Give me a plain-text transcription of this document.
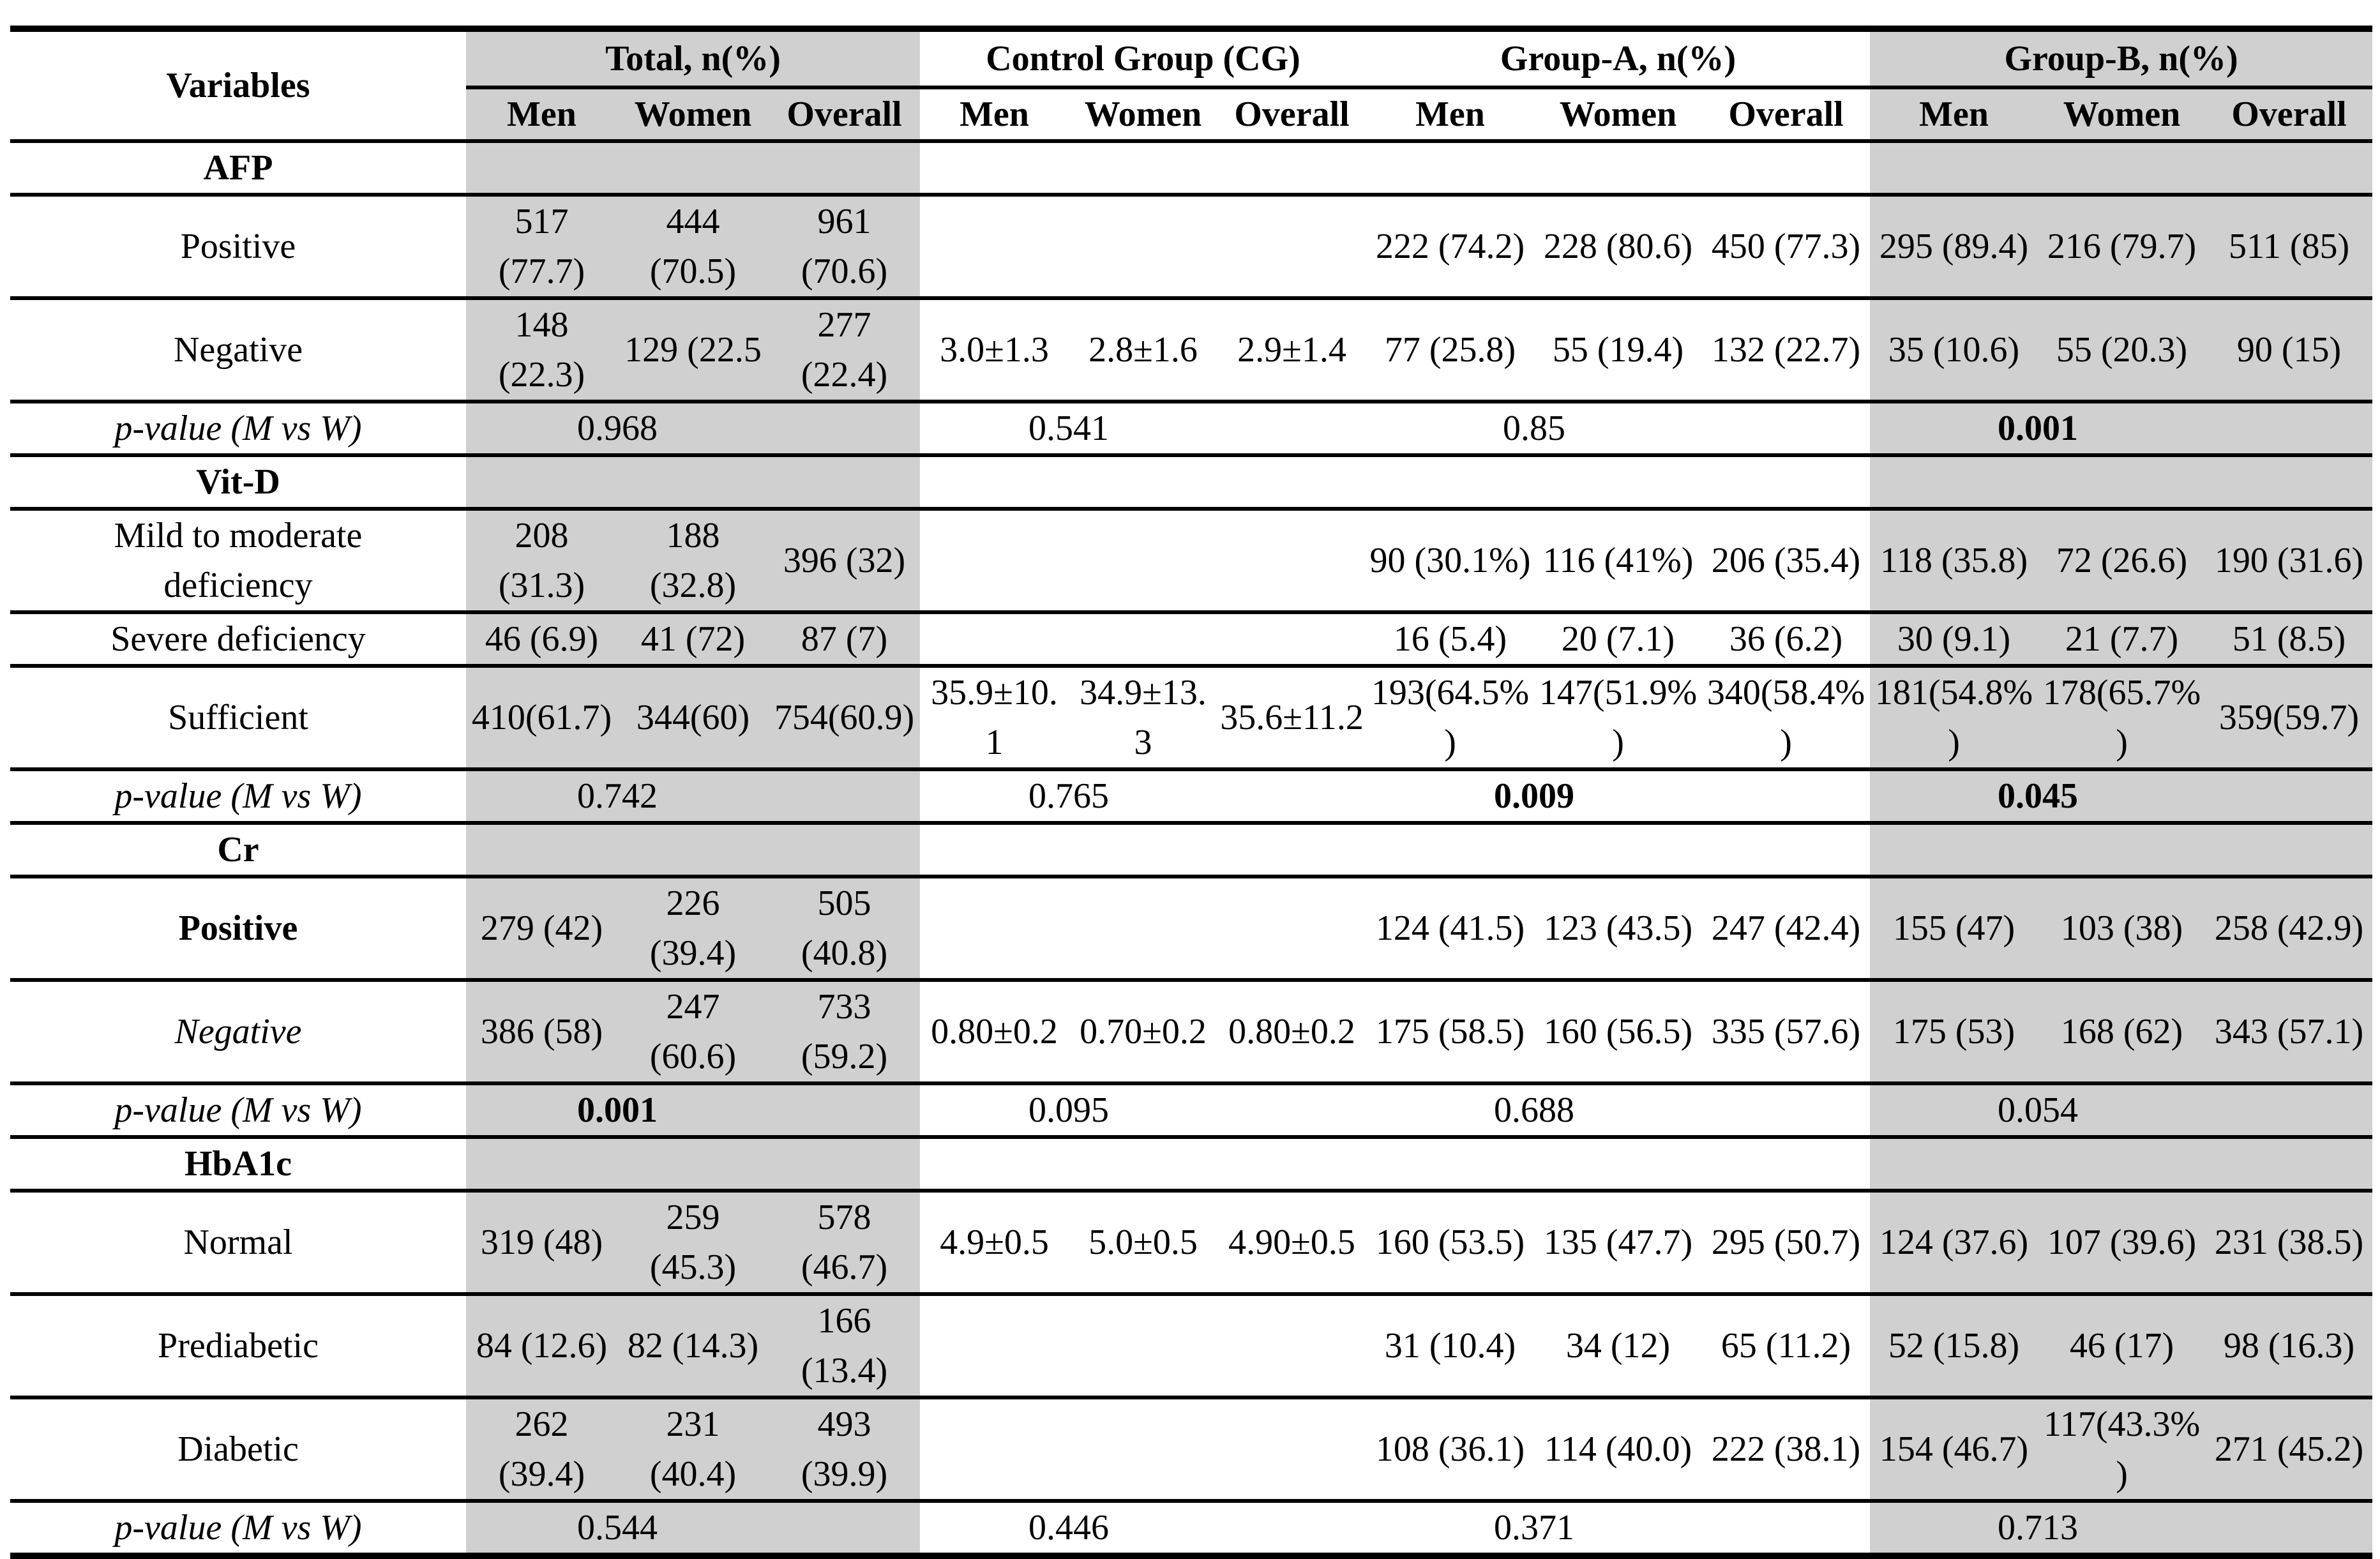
Variables	Total, n(%)			Control Group (CG)			Group-A, n(%)			Group-B, n(%)		
	Men	Women	Overall	Men	Women	Overall	Men	Women	Overall	Men	Women	Overall
AFP												
Positive	517 (77.7)	444 (70.5)	961 (70.6)				222 (74.2)	228 (80.6)	450 (77.3)	295 (89.4)	216 (79.7)	511 (85)
Negative	148 (22.3)	129 (22.5	277 (22.4)	3.0±1.3	2.8±1.6	2.9±1.4	77 (25.8)	55 (19.4)	132 (22.7)	35 (10.6)	55 (20.3)	90 (15)
p-value (M vs W)	0.968			0.541			0.85			0.001		
Vit-D												
Mild to moderate deficiency	208 (31.3)	188 (32.8)	396 (32)				90 (30.1%)	116 (41%)	206 (35.4)	118 (35.8)	72 (26.6)	190 (31.6)
Severe deficiency	46 (6.9)	41 (72)	87 (7)				16 (5.4)	20 (7.1)	36 (6.2)	30 (9.1)	21 (7.7)	51 (8.5)
Sufficient	410(61.7)	344(60)	754(60.9)	35.9±10.1	34.9±13.3	35.6±11.2	193(64.5%)	147(51.9%)	340(58.4%)	181(54.8%)	178(65.7%)	359(59.7)
p-value (M vs W)	0.742			0.765			0.009			0.045		
Cr												
Positive	279 (42)	226 (39.4)	505 (40.8)				124 (41.5)	123 (43.5)	247 (42.4)	155 (47)	103 (38)	258 (42.9)
Negative	386 (58)	247 (60.6)	733 (59.2)	0.80±0.2	0.70±0.2	0.80±0.2	175 (58.5)	160 (56.5)	335 (57.6)	175 (53)	168 (62)	343 (57.1)
p-value (M vs W)	0.001			0.095			0.688			0.054		
HbA1c												
Normal	319 (48)	259 (45.3)	578 (46.7)	4.9±0.5	5.0±0.5	4.90±0.5	160 (53.5)	135 (47.7)	295 (50.7)	124 (37.6)	107 (39.6)	231 (38.5)
Prediabetic	84 (12.6)	82 (14.3)	166 (13.4)				31 (10.4)	34 (12)	65 (11.2)	52 (15.8)	46 (17)	98 (16.3)
Diabetic	262 (39.4)	231 (40.4)	493 (39.9)				108 (36.1)	114 (40.0)	222 (38.1)	154 (46.7)	117(43.3%)	271 (45.2)
p-value (M vs W)	0.544			0.446			0.371			0.713		
